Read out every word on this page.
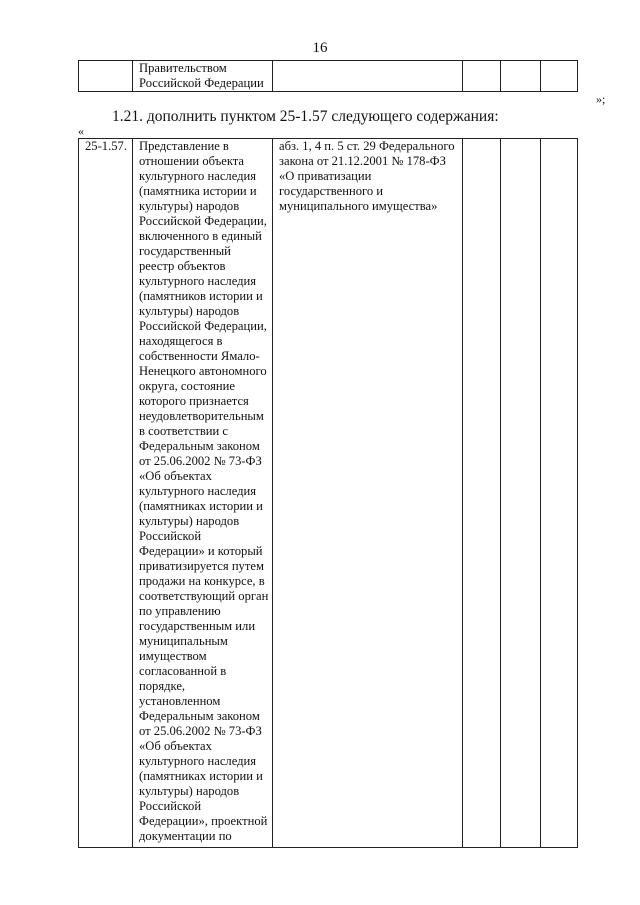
16

Правительством
Российской Федерации

»;
1.21. дополнить пунктом 25-1.57 следующего содержания:
«
25-1.57.	Представление в
отношении объекта
культурного наследия
(памятника истории и
культуры) народов
Российской Федерации,
включенного в единый
государственный
реестр объектов
культурного наследия
(памятников истории и
культуры) народов
Российской Федерации,
находящегося в
собственности Ямало-
Ненецкого автономного
округа, состояние
которого признается
неудовлетворительным
в соответствии с
Федеральным законом
от 25.06.2002 № 73-ФЗ
«Об объектах
культурного наследия
(памятниках истории и
культуры) народов
Российской
Федерации» и который
приватизируется путем
продажи на конкурсе, в
соответствующий орган
по управлению
государственным или
муниципальным
имуществом
согласованной в
порядке,
установленном
Федеральным законом
от 25.06.2002 № 73-ФЗ
«Об объектах
культурного наследия
(памятниках истории и
культуры) народов
Российской
Федерации», проектной
документации по

абз. 1, 4 п. 5 ст. 29 Федерального
закона от 21.12.2001 № 178-ФЗ
«О приватизации
государственного и
муниципального имущества»
